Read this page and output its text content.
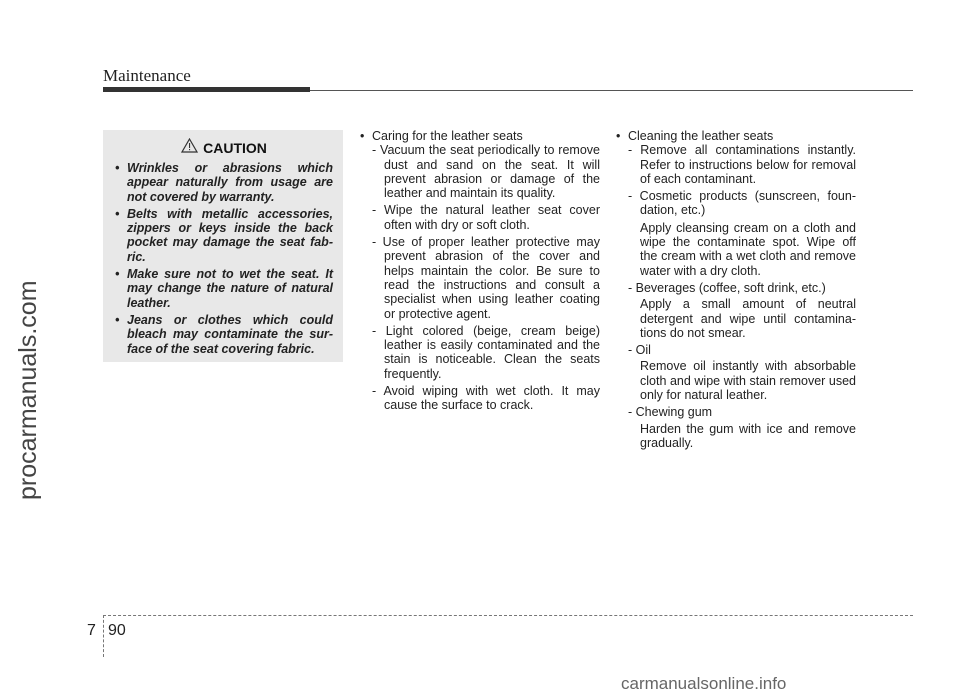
Maintenance
procarmanuals.com
CAUTION
• Wrinkles or abrasions which appear naturally from usage are not covered by warranty.
• Belts with metallic accessories, zippers or keys inside the back pocket may damage the seat fab-ric.
• Make sure not to wet the seat. It may change the nature of natural leather.
• Jeans or clothes which could bleach may contaminate the sur-face of the seat covering fabric.

• Caring for the leather seats

- Vacuum the seat periodically to remove dust and sand on the seat. It will prevent abrasion or damage of the leather and maintain its quality.

- Wipe the natural leather seat cover often with dry or soft cloth.

- Use of proper leather protective may prevent abrasion of the cover and helps maintain the color. Be sure to read the instructions and consult a specialist when using leather coating or protective agent.

- Light colored (beige, cream beige) leather is easily contaminated and the stain is noticeable. Clean the seats frequently.

- Avoid wiping with wet cloth. It may cause the surface to crack.

• Cleaning the leather seats

- Remove all contaminations instantly. Refer to instructions below for removal of each contaminant.

- Cosmetic products (sunscreen, foun-dation, etc.)

Apply cleansing cream on a cloth and wipe the contaminate spot. Wipe off the cream with a wet cloth and remove water with a dry cloth.

- Beverages (coffee, soft drink, etc.)

Apply a small amount of neutral detergent and wipe until contamina-tions do not smear.

- Oil

Remove oil instantly with absorbable cloth and wipe with stain remover used only for natural leather.

- Chewing gum

Harden the gum with ice and remove gradually.

7 90
carmanualsonline.info
